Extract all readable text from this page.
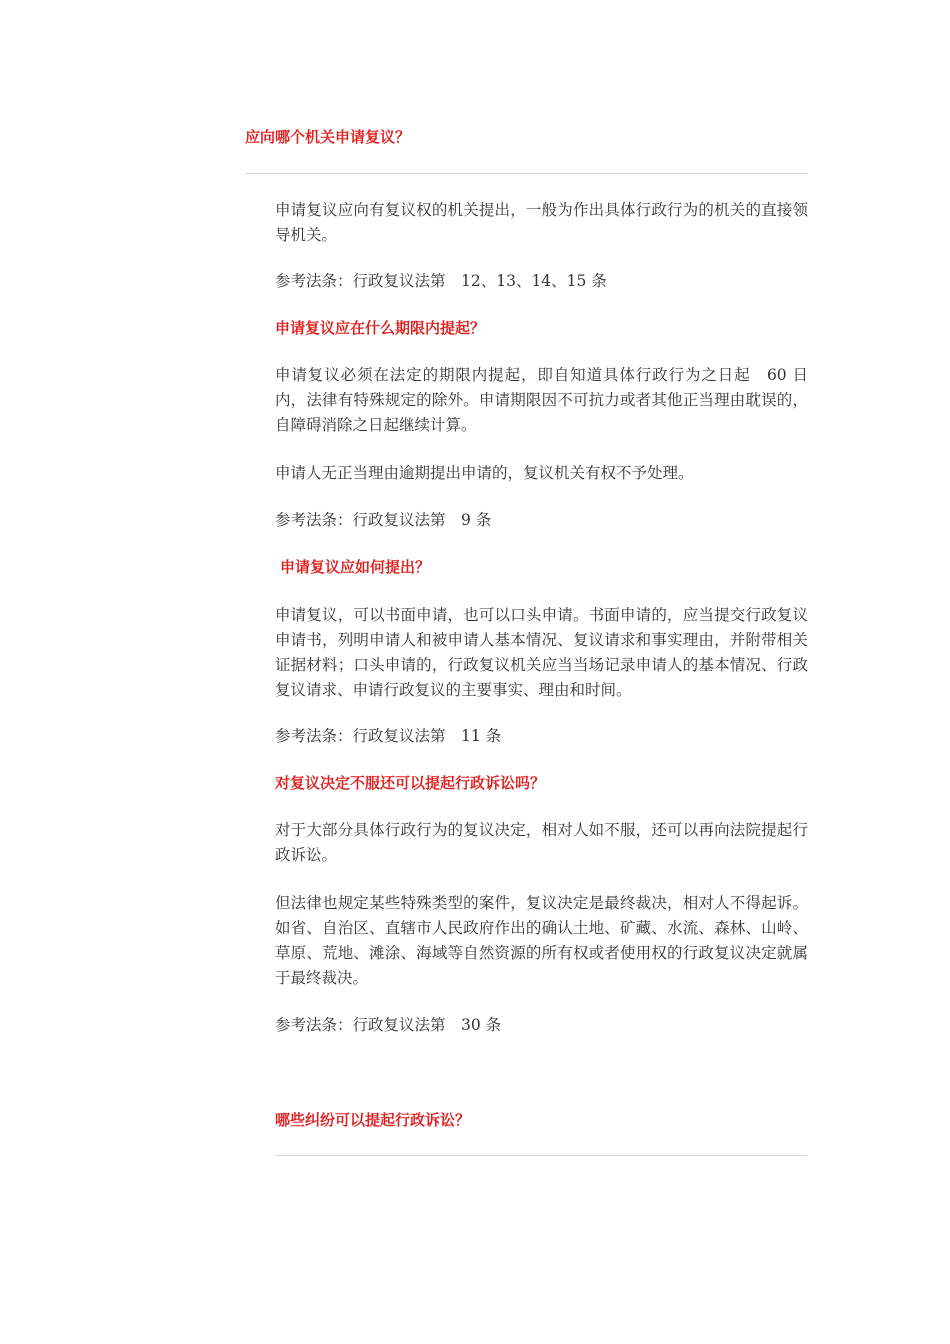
应向哪个机关申请复议？
申请复议应向有复议权的机关提出，一般为作出具体行政行为的机关的直接领导机关。
参考法条：行政复议法第　12、13、14、15 条
申请复议应在什么期限内提起？
申请复议必须在法定的期限内提起，即自知道具体行政行为之日起　60 日内，法律有特殊规定的除外。申请期限因不可抗力或者其他正当理由耽误的，自障碍消除之日起继续计算。
申请人无正当理由逾期提出申请的，复议机关有权不予处理。
参考法条：行政复议法第　9 条
申请复议应如何提出？
申请复议，可以书面申请，也可以口头申请。书面申请的，应当提交行政复议申请书，列明申请人和被申请人基本情况、复议请求和事实理由，并附带相关证据材料；口头申请的，行政复议机关应当当场记录申请人的基本情况、行政复议请求、申请行政复议的主要事实、理由和时间。
参考法条：行政复议法第　11 条
对复议决定不服还可以提起行政诉讼吗？
对于大部分具体行政行为的复议决定，相对人如不服，还可以再向法院提起行政诉讼。
但法律也规定某些特殊类型的案件，复议决定是最终裁决，相对人不得起诉。如省、自治区、直辖市人民政府作出的确认土地、矿藏、水流、森林、山岭、草原、荒地、滩涂、海域等自然资源的所有权或者使用权的行政复议决定就属于最终裁决。
参考法条：行政复议法第　30 条
哪些纠纷可以提起行政诉讼？
